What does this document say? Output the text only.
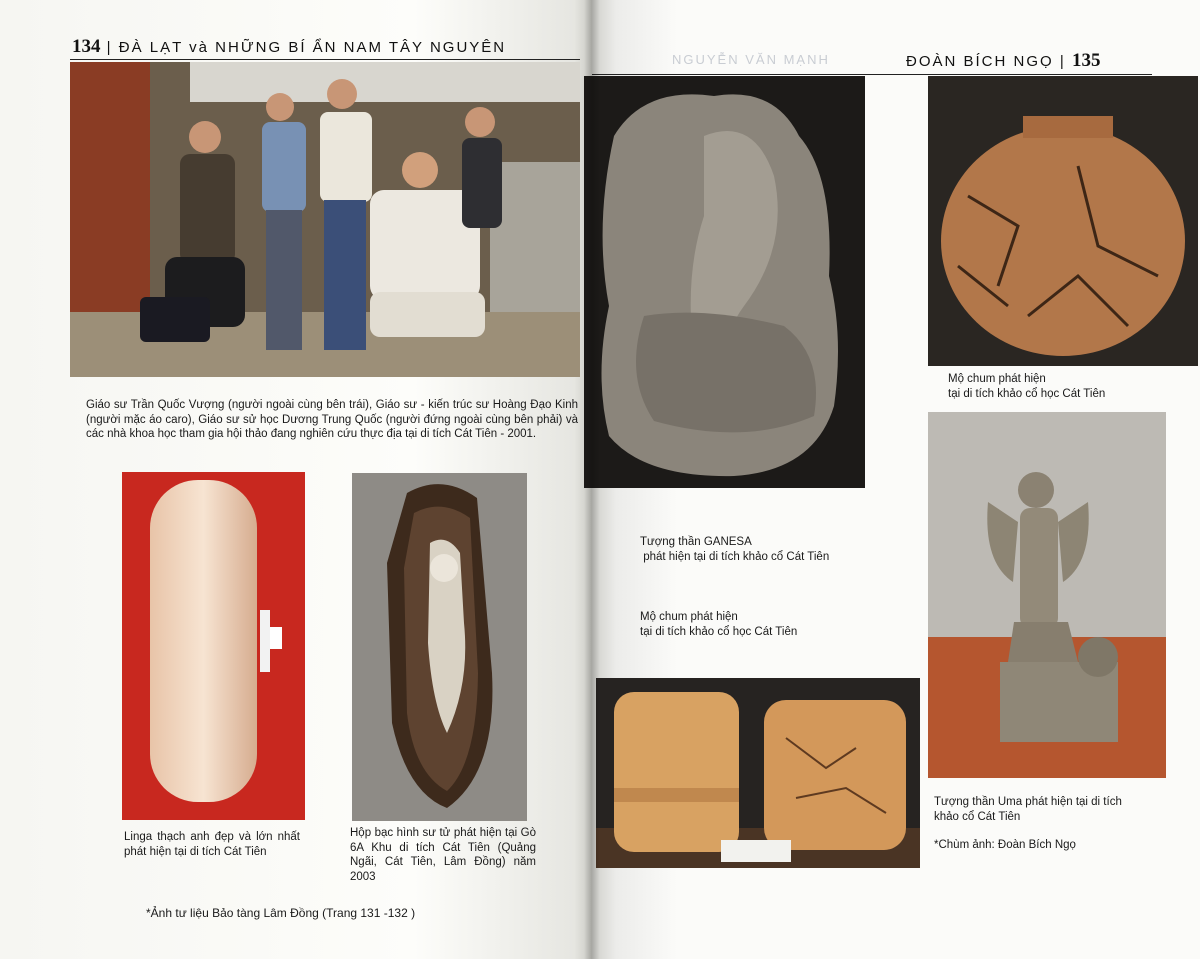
134 | ĐÀ LẠT và NHỮNG BÍ ẨN NAM TÂY NGUYÊN
Giáo sư Trần Quốc Vượng (người ngoài cùng bên trái), Giáo sư - kiến trúc sư Hoàng Đạo Kinh (người mặc áo caro), Giáo sư sử học Dương Trung Quốc (người đứng ngoài cùng bên phải) và các nhà khoa học tham gia hội thảo đang nghiên cứu thực địa tại di tích Cát Tiên - 2001.
Linga thạch anh đẹp và lớn nhất phát hiện tại di tích Cát Tiên
Hộp bạc hình sư tử phát hiện tại Gò 6A Khu di tích Cát Tiên (Quảng Ngãi, Cát Tiên, Lâm Đồng) năm 2003
*Ảnh tư liệu Bảo tàng Lâm Đồng (Trang 131 -132 )
NGUYỄN VĂN MẠNH	ĐOÀN BÍCH NGỌ | 135
Mộ chum phát hiện
tại di tích khảo cổ học Cát Tiên
Tượng thần GANESA
phát hiện tại di tích khảo cổ Cát Tiên
Mộ chum phát hiện
tại di tích khảo cổ học Cát Tiên
Tượng thần Uma phát hiện tại di tích
khảo cổ Cát Tiên
*Chùm ảnh: Đoàn Bích Ngọ
